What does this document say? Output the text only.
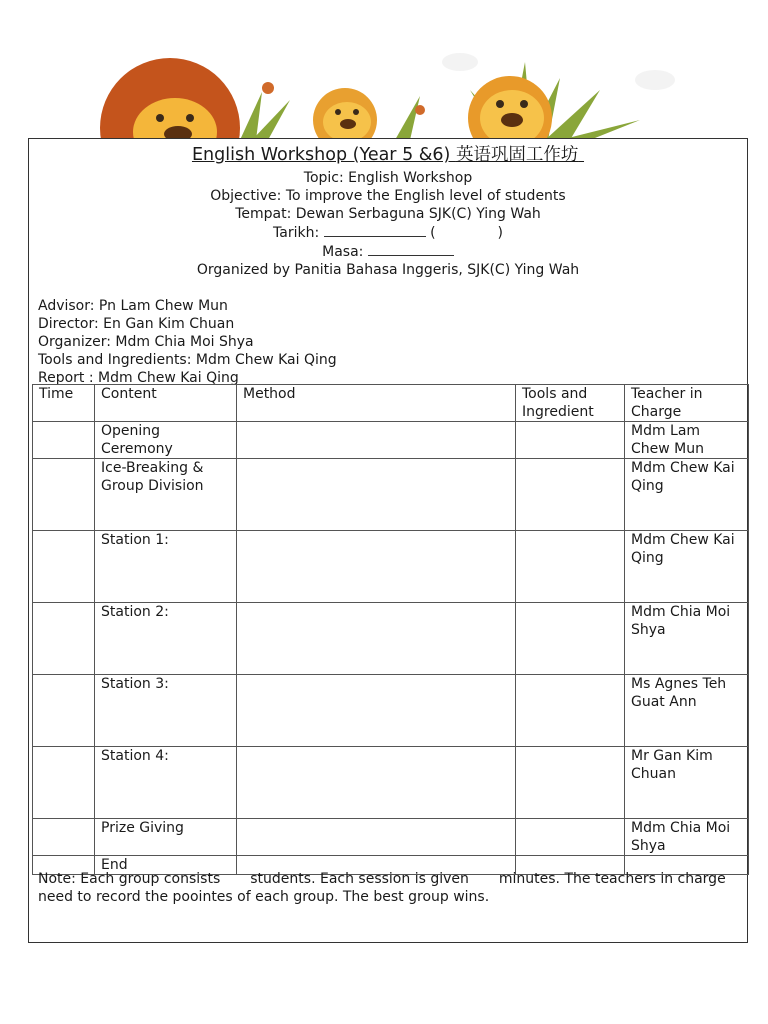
English Workshop (Year 5 &6) 英语巩固工作坊
Topic: English Workshop
Objective: To improve the English level of students
Tempat: Dewan Serbaguna SJK(C) Ying Wah
Tarikh:	(	)
Masa:
Organized by Panitia Bahasa Inggeris, SJK(C) Ying Wah
Advisor: Pn Lam Chew Mun
Director: En Gan Kim Chuan
Organizer: Mdm Chia Moi Shya
Tools and Ingredients: Mdm Chew Kai Qing
Report : Mdm Chew Kai Qing
Time	Content	Method	Tools and Ingredient	Teacher in Charge
	Opening Ceremony			Mdm Lam Chew Mun
	Ice-Breaking & Group Division			Mdm Chew Kai Qing
	Station 1:			Mdm Chew Kai Qing
	Station 2:			Mdm Chia Moi Shya
	Station 3:			Ms Agnes Teh Guat Ann
	Station 4:			Mr Gan Kim Chuan
	Prize Giving			Mdm Chia Moi Shya
	End			
Note: Each group consists students. Each session is given minutes. The teachers in charge need to record the poointes of each group. The best group wins.
